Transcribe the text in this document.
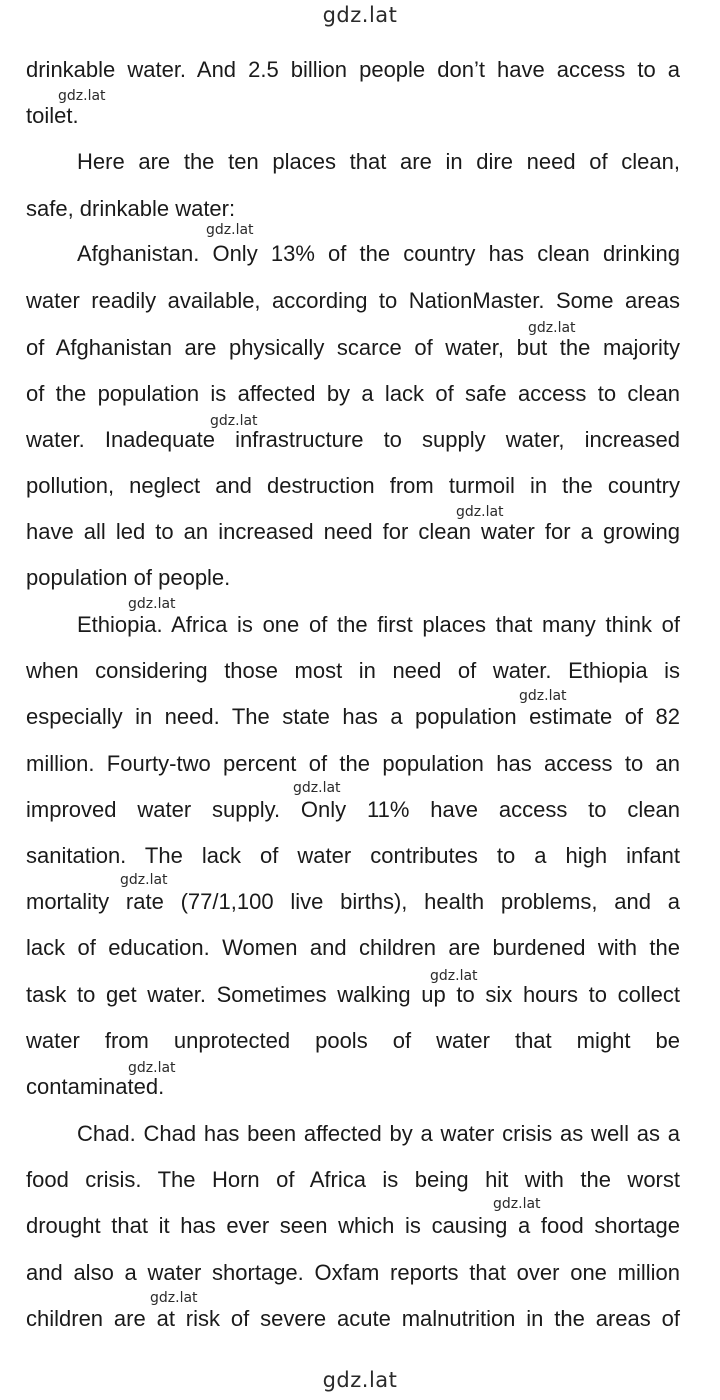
gdz.lat
drinkable water. And 2.5 billion people don’t have access to a
toilet.
Here are the ten places that are in dire need of clean,
safe, drinkable water:
Afghanistan. Only 13% of the country has clean drinking
water readily available, according to NationMaster. Some areas
of Afghanistan are physically scarce of water, but the majority
of the population is affected by a lack of safe access to clean
water. Inadequate infrastructure to supply water, increased
pollution, neglect and destruction from turmoil in the country
have all led to an increased need for clean water for a growing
population of people.
Ethiopia. Africa is one of the first places that many think of
when considering those most in need of water. Ethiopia is
especially in need. The state has a population estimate of 82
million. Fourty-two percent of the population has access to an
improved water supply. Only 11% have access to clean
sanitation. The lack of water contributes to a high infant
mortality rate (77/1,100 live births), health problems, and a
lack of education. Women and children are burdened with the
task to get water. Sometimes walking up to six hours to collect
water from unprotected pools of water that might be
contaminated.
Chad. Chad has been affected by a water crisis as well as a
food crisis. The Horn of Africa is being hit with the worst
drought that it has ever seen which is causing a food shortage
and also a water shortage. Oxfam reports that over one million
children are at risk of severe acute malnutrition in the areas of
gdz.lat
gdz.lat
gdz.lat
gdz.lat
gdz.lat
gdz.lat
gdz.lat
gdz.lat
gdz.lat
gdz.lat
gdz.lat
gdz.lat
gdz.lat
gdz.lat
